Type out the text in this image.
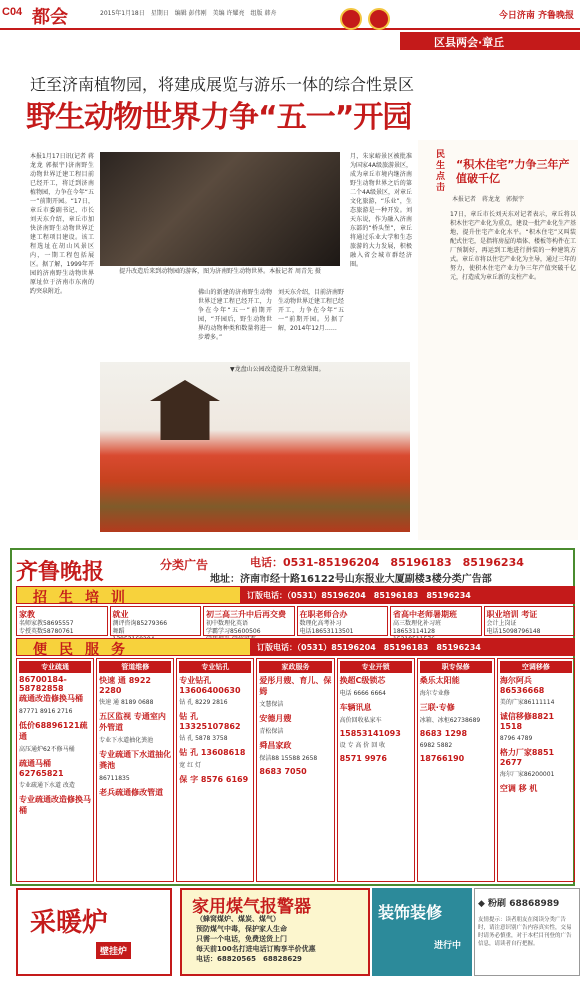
C04 都会	2015年1月18日　星期日　编辑 彭伟刚　美编 许耀亮　组版 韩舟	今日济南 齐鲁晚报
区县两会·章丘
迁至济南植物园，将建成展览与游乐一体的综合性景区
野生动物世界力争“五一”开园
本报1月17日讯(记者 蒋龙龙 郭振宇)济南野生动物世界迁建工程目前已经开工，将迁到济南植物园，力争在今年“五一”前期开园。“17日，章丘市委副书记、市长刘天东介绍，章丘市加快济南野生动物世界迁建工程项目建设。该工程选址在胡山风景区内，一期工程包括展区。据了解，1999年开园的济南野生动物世界原址位于济南市东南的趵突泉附近。
提升改造后来到动物园的游客，图为济南野生动物世界。本报记者 周青先 摄
佛山的新建的济南野生动物世界迁建工程已经开工，力争在今年“五一”前期开园，“开园后，野生动物世界的动物种类和数量将进一步增多。”
刘天东介绍，目前济南野生动物世界迁建工程已经开工，力争在今年“五一”前期开园。另据了解，2014年12月……
月，朱家峪景区被批准为国家4A级旅游景区，成为章丘市境内继济南野生动物世界之后的第二个4A级景区，对章丘文化旅游，“乐业”，生态旅游是一种开发。刘天东说，作为融入济南东部的“桥头堡”，章丘将通过乐业大学和生态旅游的大力发展，积极融入省会城市群经济圈。
▼龙盘山公园改造提升工程效果图。
民生点击
“积木住宅”力争三年产值破千亿
本报记者　蒋龙龙　郭振宇
17日，章丘市长刘天东对记者表示，章丘将以积木住宅产业化为重点，建设一批产业化生产基地，提升住宅产业化水平。“积木住宅”又叫装配式住宅，是指将房屋的墙体、楼板等构件在工厂预制好，再运到工地进行拼装的一种建筑方式。章丘市将以住宅产业化为主导，通过三年的努力，使积木住宅产业力争三年产值突破千亿元，打造成为章丘新的支柱产业。
齐鲁晚报	分类广告	电话：0531-85196204　85196183　85196234
地址：济南市经十路16122号山东报业大厦副楼3楼分类广告部
招生培训	订版电话：（0531）85196204　85196183　85196234
家教
名师家教58695557
专授英数58780761
就业
测评咨询85279366
舞蹈
初三高三升中后再交费
初中数理化英语
学霸学习85600506
在职老师合办
数理化高考补习
电话18653113501
省高中老师暑期班
高三数理化补习班
18653114128
职业培训 考证
会计上岗证
电话15098796148
便民服务	订版电话：（0531）85196204　85196183　85196234
专业疏通
86700184-58782858
疏通改造修换马桶
87771 8916 2716
低价68896121疏通
高压通炉62不修马桶
疏通马桶62765821
专业疏通下水道 改造
专业疏通改造修换马桶
管道维修
快速 通 8922 2280
快速 通 8189 0688
五区监视 专通室内外管道
专业下水道抽化粪池
专业疏通下水道抽化粪池
86711835
老兵疏通修改管道
专业钻孔
专业钻孔13606400630
钻 孔 8229 2816
钻 孔 13325107862
钻 孔 5878 3758
钻 孔 13608618
宽 红 灯
保 字 8576 6169
家政服务
爱彤月嫂、育儿、保姆
文慧保洁
安德月嫂
青松保洁
舜昌家政
保洁88 15588 2658
8683 7050
专业开锁
换超C级锁芯
电话 6666 6664
车辆讯息
高价回收私家车
15853141093
设 专 高 价 回 收
8571 9976
职专保修
桑乐太阳能
海尔专业修
三联·专修
冰箱、冰柜62738689
8683 1298
6982 5882
18766190
空调移修
海尔阿兵86536668
美的广家86111114
诚信移修8821 1518
8796 4789
格力厂家8851 2677
海尔厂家86200001
空调 移 机
采暖炉
壁挂炉
家用煤气报警器
（蜂窝煤炉、煤炭、煤气）
预防煤气中毒，保护家人生命
只需一个电话，免费送货上门
每天前100名打进电话订购享半价优惠
电话：68820565　68828629
装饰装修
进行中
◆ 粉刷 68868989
友情提示：读者朋友在阅读分类广告时，请注意识别广告内容真实性，交易时请务必慎重，对于本栏目刊登的广告信息，请读者自行把握。
